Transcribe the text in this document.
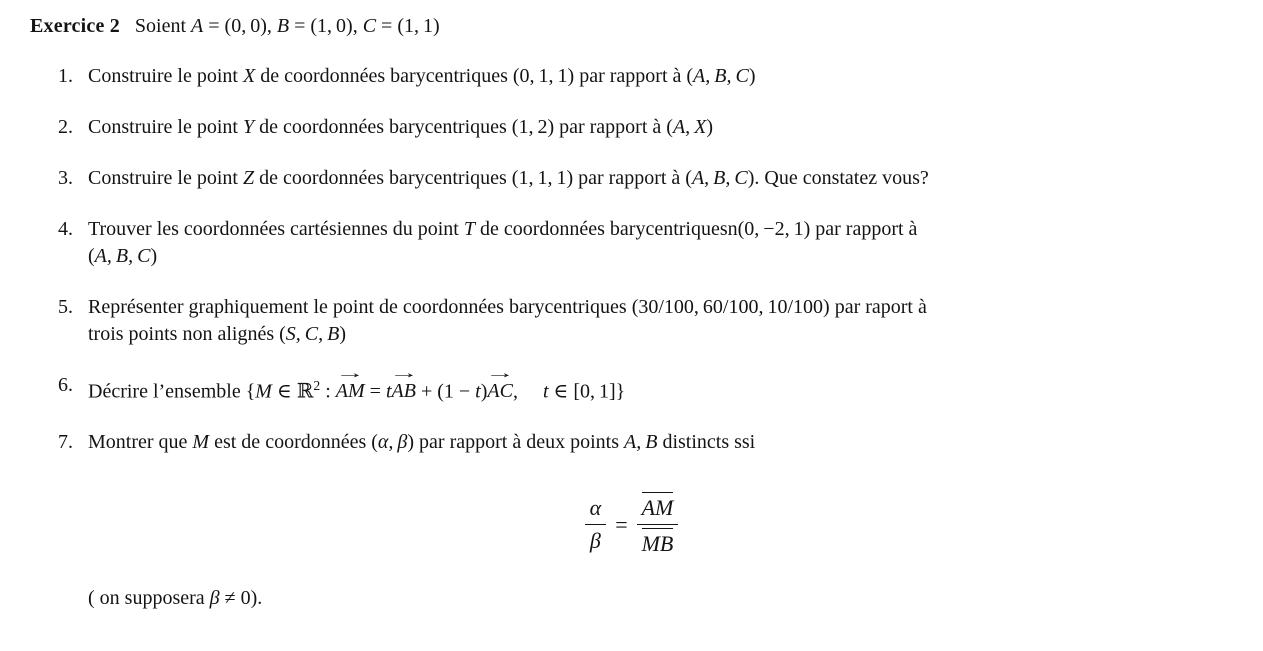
Exercice 2 Soient A = (0, 0), B = (1, 0), C = (1, 1)
1. Construire le point X de coordonnées barycentriques (0, 1, 1) par rapport à (A, B, C)
2. Construire le point Y de coordonnées barycentriques (1, 2) par rapport à (A, X)
3. Construire le point Z de coordonnées barycentriques (1, 1, 1) par rapport à (A, B, C). Que constatez vous?
4. Trouver les coordonnées cartésiennes du point T de coordonnées barycentriquesn(0, −2, 1) par rapport à
(A, B, C)
5. Représenter graphiquement le point de coordonnées barycentriques (30/100, 60/100, 10/100) par raport à
trois points non alignés (S, C, B)
6. Décrire l’ensemble {M ∈ ℝ$^2$ : → AM = t→ AB + (1 − t)→ AC,  t ∈ [0, 1]}
7. Montrer que M est de coordonnées (α, β) par rapport à deux points A, B distincts ssi
$\frac{\alpha}{\beta} = \frac{AM}{MB}$
( on supposera β ≠ 0).
